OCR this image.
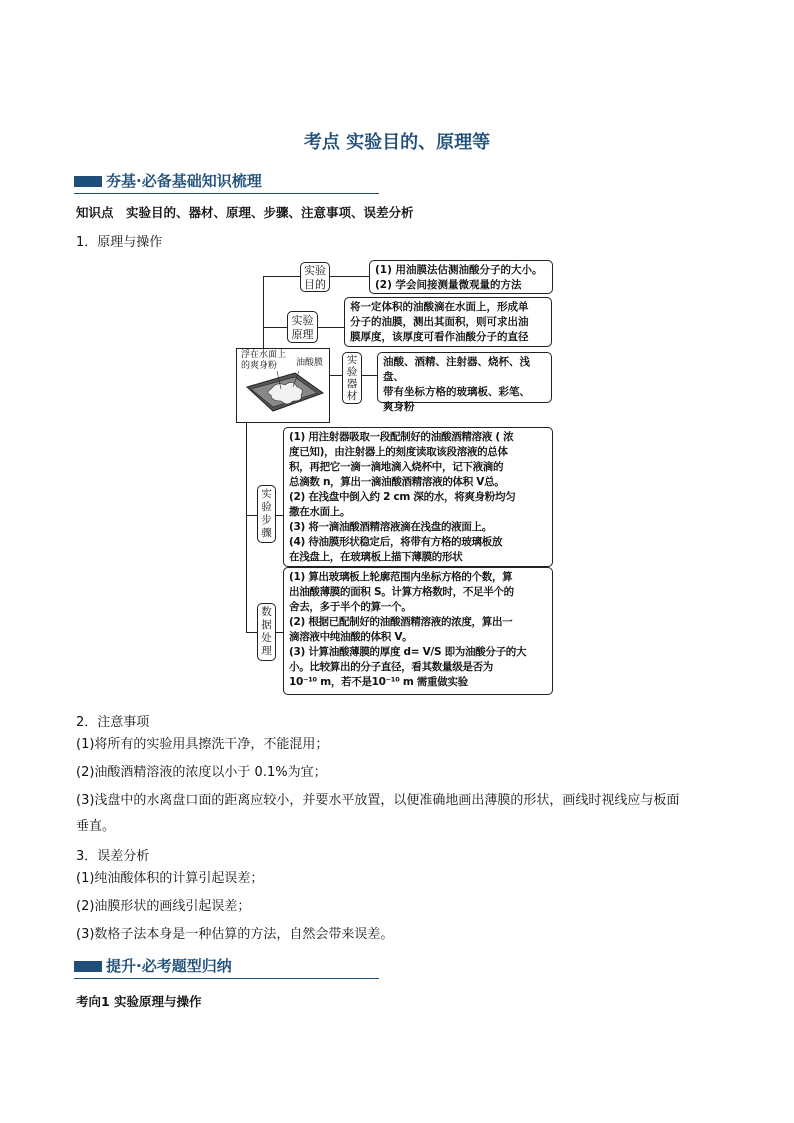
考点 实验目的、原理等
夯基·必备基础知识梳理
知识点　实验目的、器材、原理、步骤、注意事项、误差分析
1．原理与操作
实验
目的
(1) 用油膜法估测油酸分子的大小。
(2) 学会间接测量微观量的方法
实验
原理
将一定体积的油酸滴在水面上，形成单
分子的油膜，测出其面积，则可求出油
膜厚度，该厚度可看作油酸分子的直径
浮在水面上
的爽身粉	油酸膜	实
验
器
材
油酸、酒精、注射器、烧杯、浅盘、
带有坐标方格的玻璃板、彩笔、
爽身粉
实
验
步
骤
(1) 用注射器吸取一段配制好的油酸酒精溶液 ( 浓
度已知)，由注射器上的刻度读取该段溶液的总体
积，再把它一滴一滴地滴入烧杯中，记下液滴的
总滴数 n，算出一滴油酸酒精溶液的体积 V总。
(2) 在浅盘中倒入约 2 cm 深的水，将爽身粉均匀
撒在水面上。
(3) 将一滴油酸酒精溶液滴在浅盘的液面上。
(4) 待油膜形状稳定后，将带有方格的玻璃板放
在浅盘上，在玻璃板上描下薄膜的形状
数
据
处
理
(1) 算出玻璃板上轮廓范围内坐标方格的个数，算
出油酸薄膜的面积 S。计算方格数时，不足半个的
舍去，多于半个的算一个。
(2) 根据已配制好的油酸酒精溶液的浓度，算出一
滴溶液中纯油酸的体积 V。
(3) 计算油酸薄膜的厚度 d= V/S 即为油酸分子的大
小。比较算出的分子直径，看其数量级是否为
10⁻¹⁰ m，若不是10⁻¹⁰ m 需重做实验
2．注意事项
(1)将所有的实验用具擦洗干净，不能混用；
(2)油酸酒精溶液的浓度以小于 0.1%为宜；
(3)浅盘中的水离盘口面的距离应较小，并要水平放置，以便准确地画出薄膜的形状，画线时视线应与板面
垂直。
3．误差分析
(1)纯油酸体积的计算引起误差；
(2)油膜形状的画线引起误差；
(3)数格子法本身是一种估算的方法，自然会带来误差。
提升·必考题型归纳
考向1 实验原理与操作
